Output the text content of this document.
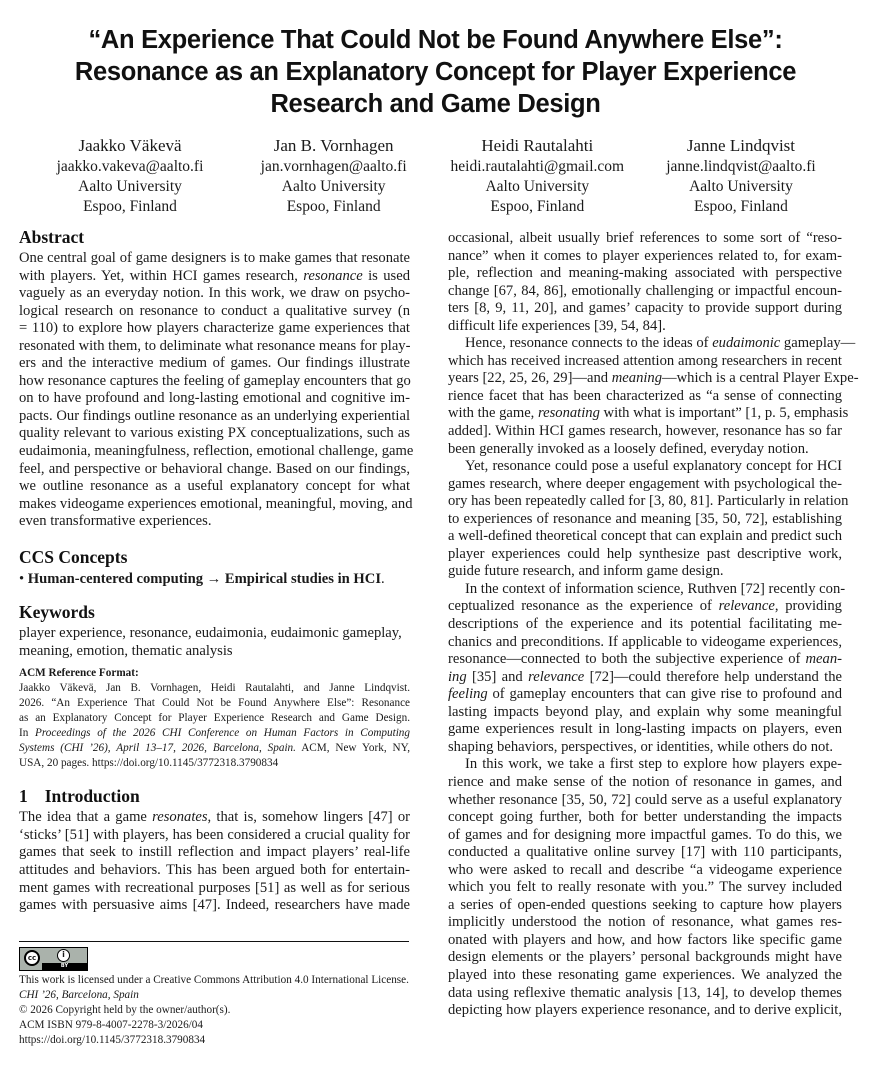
“An Experience That Could Not be Found Anywhere Else”:
Resonance as an Explanatory Concept for Player Experience
Research and Game Design
Jaakko Väkevä
jaakko.vakeva@aalto.fi
Aalto University
Espoo, Finland
Jan B. Vornhagen
jan.vornhagen@aalto.fi
Aalto University
Espoo, Finland
Heidi Rautalahti
heidi.rautalahti@gmail.com
Aalto University
Espoo, Finland
Janne Lindqvist
janne.lindqvist@aalto.fi
Aalto University
Espoo, Finland
Abstract
One central goal of game designers is to make games that resonate
with players. Yet, within HCI games research, resonance is used
vaguely as an everyday notion. In this work, we draw on psycho-
logical research on resonance to conduct a qualitative survey (n
= 110) to explore how players characterize game experiences that
resonated with them, to deliminate what resonance means for play-
ers and the interactive medium of games. Our findings illustrate
how resonance captures the feeling of gameplay encounters that go
on to have profound and long-lasting emotional and cognitive im-
pacts. Our findings outline resonance as an underlying experiential
quality relevant to various existing PX conceptualizations, such as
eudaimonia, meaningfulness, reflection, emotional challenge, game
feel, and perspective or behavioral change. Based on our findings,
we outline resonance as a useful explanatory concept for what
makes videogame experiences emotional, meaningful, moving, and
even transformative experiences.
CCS Concepts
• Human-centered computing → Empirical studies in HCI.
Keywords
player experience, resonance, eudaimonia, eudaimonic gameplay,
meaning, emotion, thematic analysis
ACM Reference Format:
Jaakko Väkevä, Jan B. Vornhagen, Heidi Rautalahti, and Janne Lindqvist.
2026. “An Experience That Could Not be Found Anywhere Else”: Resonance
as an Explanatory Concept for Player Experience Research and Game Design.
In Proceedings of the 2026 CHI Conference on Human Factors in Computing
Systems (CHI ’26), April 13–17, 2026, Barcelona, Spain. ACM, New York, NY,
USA, 20 pages. https://doi.org/10.1145/3772318.3790834
1 Introduction
The idea that a game resonates, that is, somehow lingers [47] or
‘sticks’ [51] with players, has been considered a crucial quality for
games that seek to instill reflection and impact players’ real-life
attitudes and behaviors. This has been argued both for entertain-
ment games with recreational purposes [51] as well as for serious
games with persuasive aims [47]. Indeed, researchers have made
occasional, albeit usually brief references to some sort of “reso-
nance” when it comes to player experiences related to, for exam-
ple, reflection and meaning-making associated with perspective
change [67, 84, 86], emotionally challenging or impactful encoun-
ters [8, 9, 11, 20], and games’ capacity to provide support during
difficult life experiences [39, 54, 84].
Hence, resonance connects to the ideas of eudaimonic gameplay—
which has received increased attention among researchers in recent
years [22, 25, 26, 29]—and meaning—which is a central Player Expe-
rience facet that has been characterized as “a sense of connecting
with the game, resonating with what is important” [1, p. 5, emphasis
added]. Within HCI games research, however, resonance has so far
been generally invoked as a loosely defined, everyday notion.
Yet, resonance could pose a useful explanatory concept for HCI
games research, where deeper engagement with psychological the-
ory has been repeatedly called for [3, 80, 81]. Particularly in relation
to experiences of resonance and meaning [35, 50, 72], establishing
a well-defined theoretical concept that can explain and predict such
player experiences could help synthesize past descriptive work,
guide future research, and inform game design.
In the context of information science, Ruthven [72] recently con-
ceptualized resonance as the experience of relevance, providing
descriptions of the experience and its potential facilitating me-
chanics and preconditions. If applicable to videogame experiences,
resonance—connected to both the subjective experience of mean-
ing [35] and relevance [72]—could therefore help understand the
feeling of gameplay encounters that can give rise to profound and
lasting impacts beyond play, and explain why some meaningful
game experiences result in long-lasting impacts on players, even
shaping behaviors, perspectives, or identities, while others do not.
In this work, we take a first step to explore how players expe-
rience and make sense of the notion of resonance in games, and
whether resonance [35, 50, 72] could serve as a useful explanatory
concept going further, both for better understanding the impacts
of games and for designing more impactful games. To do this, we
conducted a qualitative online survey [17] with 110 participants,
who were asked to recall and describe “a videogame experience
which you felt to really resonate with you.” The survey included
a series of open-ended questions seeking to capture how players
implicitly understood the notion of resonance, what games res-
onated with players and how, and how factors like specific game
design elements or the players’ personal backgrounds might have
played into these resonating game experiences. We analyzed the
data using reflexive thematic analysis [13, 14], to develop themes
depicting how players experience resonance, and to derive explicit,
cc	i
BY
This work is licensed under a Creative Commons Attribution 4.0 International License.
CHI ’26, Barcelona, Spain
© 2026 Copyright held by the owner/author(s).
ACM ISBN 979-8-4007-2278-3/2026/04
https://doi.org/10.1145/3772318.3790834
